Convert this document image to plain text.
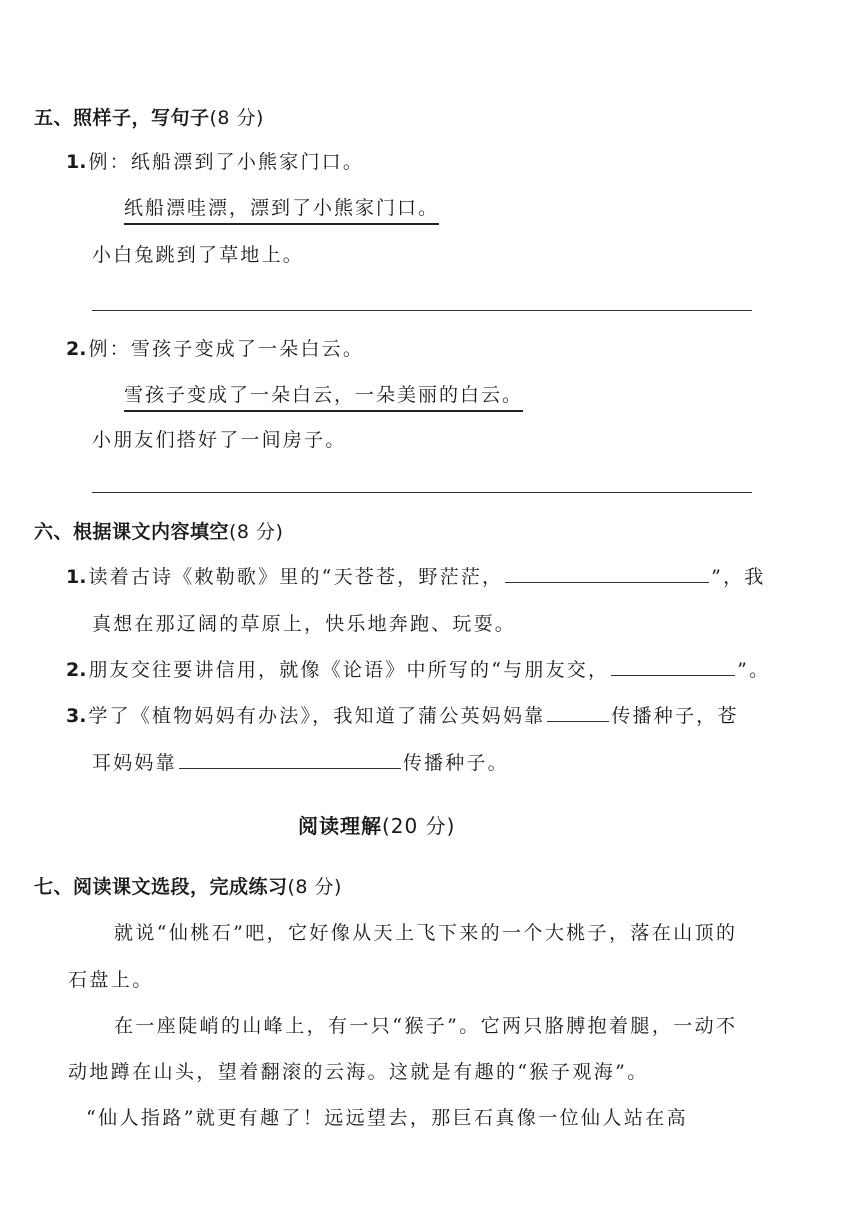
五、照样子，写句子(8 分)
1. 例：纸船漂到了小熊家门口。
纸船漂哇漂，漂到了小熊家门口。
小白兔跳到了草地上。
2. 例：雪孩子变成了一朵白云。
雪孩子变成了一朵白云，一朵美丽的白云。
小朋友们搭好了一间房子。
六、根据课文内容填空(8 分)
1. 读着古诗《敕勒歌》里的“天苍苍，野茫茫，	”，我
真想在那辽阔的草原上，快乐地奔跑、玩耍。
2. 朋友交往要讲信用，就像《论语》中所写的“与朋友交，	”。
3. 学了《植物妈妈有办法》，我知道了蒲公英妈妈靠	传播种子，苍
耳妈妈靠	传播种子。
阅读理解(20 分)
七、阅读课文选段，完成练习(8 分)
就说“仙桃石”吧，它好像从天上飞下来的一个大桃子，落在山顶的
石盘上。
在一座陡峭的山峰上，有一只“猴子”。它两只胳膊抱着腿，一动不
动地蹲在山头，望着翻滚的云海。这就是有趣的“猴子观海”。
“仙人指路”就更有趣了！远远望去，那巨石真像一位仙人站在高
